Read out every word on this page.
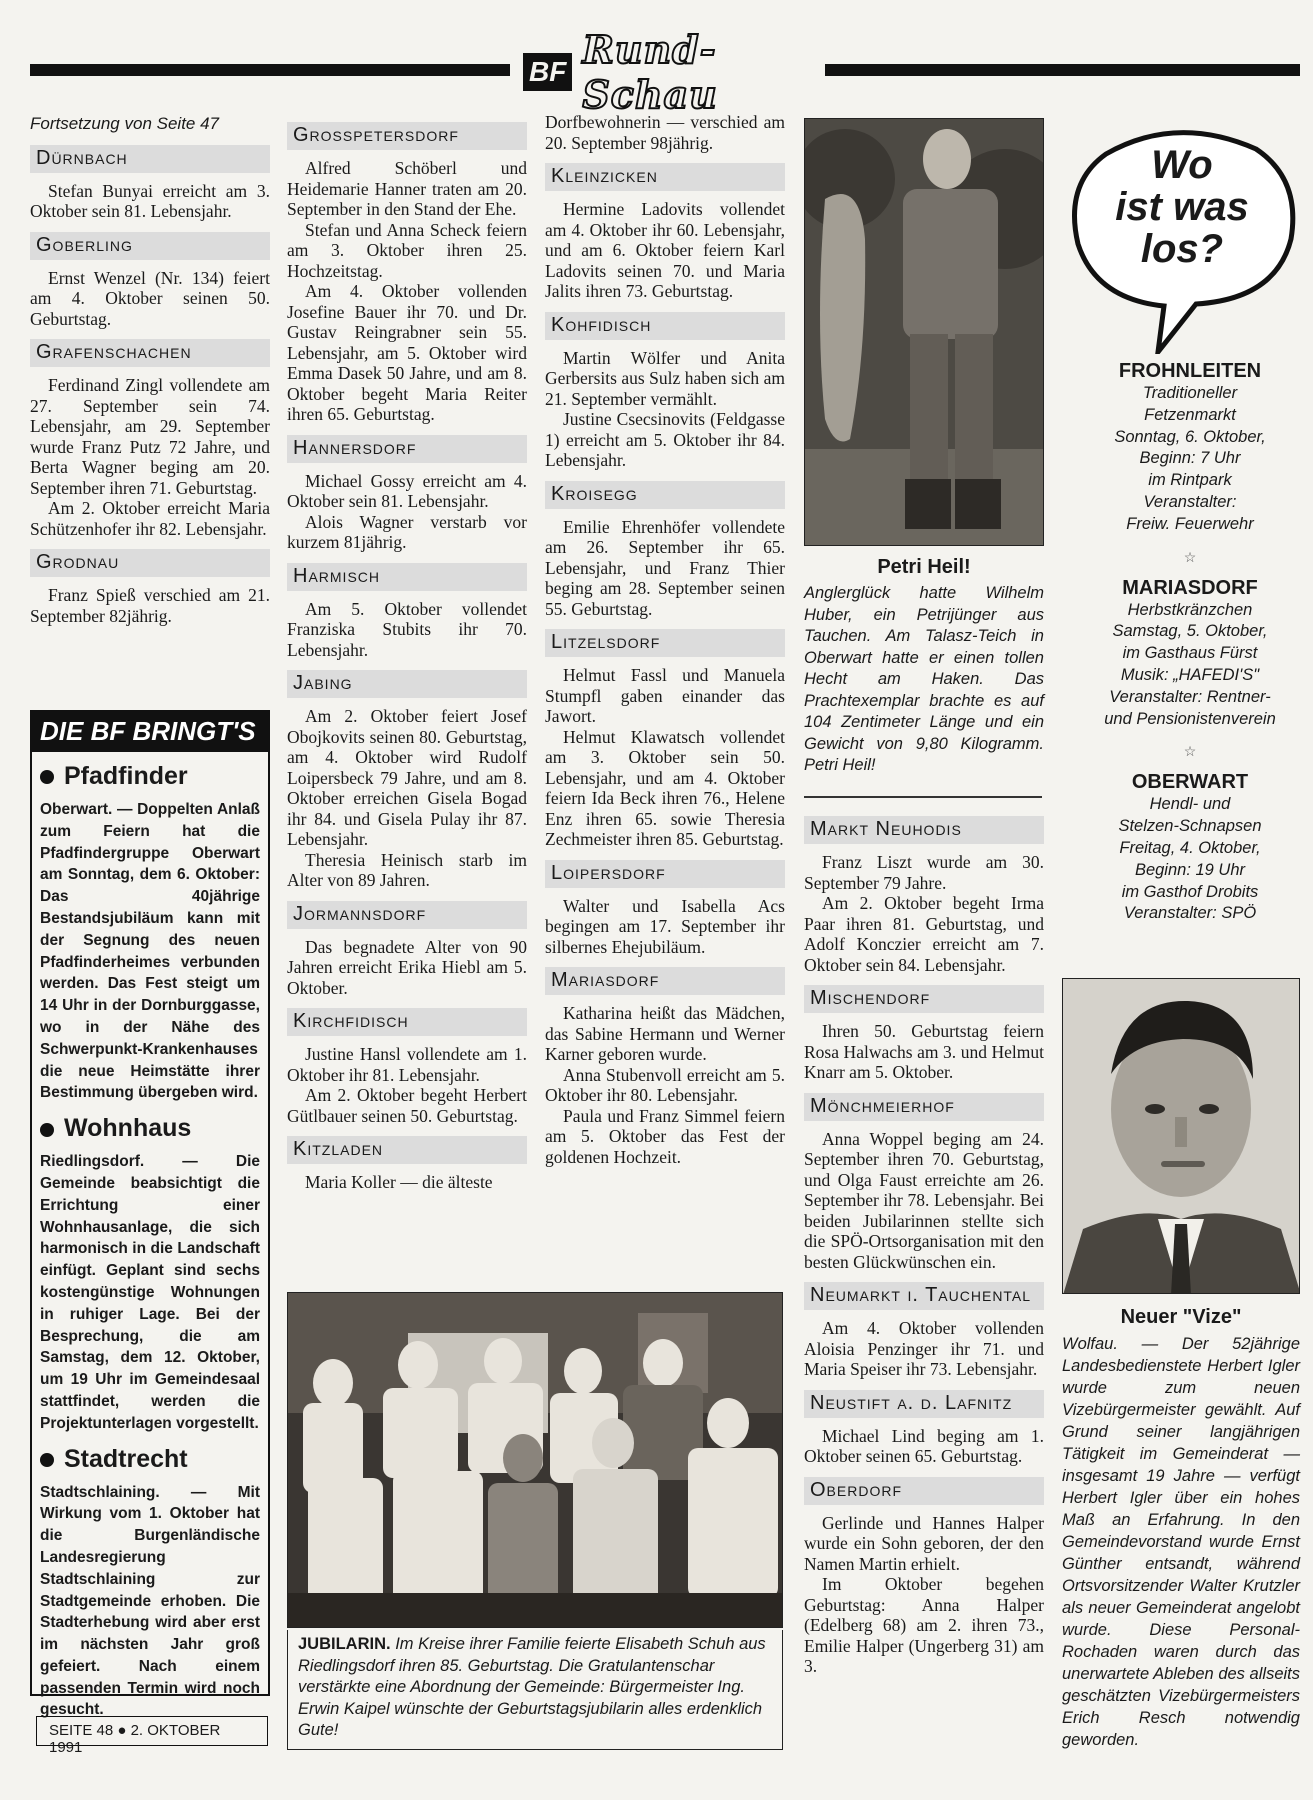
BF Rund-Schau
Fortsetzung von Seite 47
Dürnbach

Stefan Bunyai erreicht am 3. Oktober sein 81. Lebensjahr.

Goberling

Ernst Wenzel (Nr. 134) feiert am 4. Oktober seinen 50. Geburtstag.

Grafenschachen

Ferdinand Zingl vollendete am 27. September sein 74. Lebensjahr, am 29. September wurde Franz Putz 72 Jahre, und Berta Wagner beging am 20. September ihren 71. Geburtstag.

Am 2. Oktober erreicht Maria Schützenhofer ihr 82. Lebensjahr.

Grodnau

Franz Spieß verschied am 21. September 82jährig.

DIE BF BRINGT'S
Pfadfinder

Oberwart. — Doppelten Anlaß zum Feiern hat die Pfadfindergruppe Oberwart am Sonntag, dem 6. Oktober: Das 40jährige Bestandsjubiläum kann mit der Segnung des neuen Pfadfinderheimes verbunden werden. Das Fest steigt um 14 Uhr in der Dornburggasse, wo in der Nähe des Schwerpunkt-Krankenhauses die neue Heimstätte ihrer Bestimmung übergeben wird.

Wohnhaus

Riedlingsdorf. — Die Gemeinde beabsichtigt die Errichtung einer Wohnhausanlage, die sich harmonisch in die Landschaft einfügt. Geplant sind sechs kostengünstige Wohnungen in ruhiger Lage. Bei der Besprechung, die am Samstag, dem 12. Oktober, um 19 Uhr im Gemeindesaal stattfindet, werden die Projektunterlagen vorgestellt.

Stadtrecht

Stadtschlaining. — Mit Wirkung vom 1. Oktober hat die Burgenländische Landesregierung Stadtschlaining zur Stadtgemeinde erhoben. Die Stadterhebung wird aber erst im nächsten Jahr groß gefeiert. Nach einem passenden Termin wird noch gesucht.

SEITE 48 ● 2. OKTOBER 1991
Grosspetersdorf

Alfred Schöberl und Heidemarie Hanner traten am 20. September in den Stand der Ehe.

Stefan und Anna Scheck feiern am 3. Oktober ihren 25. Hochzeitstag.

Am 4. Oktober vollenden Josefine Bauer ihr 70. und Dr. Gustav Reingrabner sein 55. Lebensjahr, am 5. Oktober wird Emma Dasek 50 Jahre, und am 8. Oktober begeht Maria Reiter ihren 65. Geburtstag.

Hannersdorf

Michael Gossy erreicht am 4. Oktober sein 81. Lebensjahr.

Alois Wagner verstarb vor kurzem 81jährig.

Harmisch

Am 5. Oktober vollendet Franziska Stubits ihr 70. Lebensjahr.

Jabing

Am 2. Oktober feiert Josef Obojkovits seinen 80. Geburtstag, am 4. Oktober wird Rudolf Loipersbeck 79 Jahre, und am 8. Oktober erreichen Gisela Bogad ihr 84. und Gisela Pulay ihr 87. Lebensjahr.

Theresia Heinisch starb im Alter von 89 Jahren.

Jormannsdorf

Das begnadete Alter von 90 Jahren erreicht Erika Hiebl am 5. Oktober.

Kirchfidisch

Justine Hansl vollendete am 1. Oktober ihr 81. Lebensjahr.

Am 2. Oktober begeht Herbert Gütlbauer seinen 50. Geburtstag.

Kitzladen

Maria Koller — die älteste

Dorfbewohnerin — verschied am 20. September 98jährig.

Kleinzicken

Hermine Ladovits vollendet am 4. Oktober ihr 60. Lebensjahr, und am 6. Oktober feiern Karl Ladovits seinen 70. und Maria Jalits ihren 73. Geburtstag.

Kohfidisch

Martin Wölfer und Anita Gerbersits aus Sulz haben sich am 21. September vermählt.

Justine Csecsinovits (Feldgasse 1) erreicht am 5. Oktober ihr 84. Lebensjahr.

Kroisegg

Emilie Ehrenhöfer vollendete am 26. September ihr 65. Lebensjahr, und Franz Thier beging am 28. September seinen 55. Geburtstag.

Litzelsdorf

Helmut Fassl und Manuela Stumpfl gaben einander das Jawort.

Helmut Klawatsch vollendet am 3. Oktober sein 50. Lebensjahr, und am 4. Oktober feiern Ida Beck ihren 76., Helene Enz ihren 65. sowie Theresia Zechmeister ihren 85. Geburtstag.

Loipersdorf

Walter und Isabella Acs begingen am 17. September ihr silbernes Ehejubiläum.

Mariasdorf

Katharina heißt das Mädchen, das Sabine Hermann und Werner Karner geboren wurde.

Anna Stubenvoll erreicht am 5. Oktober ihr 80. Lebensjahr.

Paula und Franz Simmel feiern am 5. Oktober das Fest der goldenen Hochzeit.

JUBILARIN. Im Kreise ihrer Familie feierte Elisabeth Schuh aus Riedlingsdorf ihren 85. Geburtstag. Die Gratulantenschar verstärkte eine Abordnung der Gemeinde: Bürgermeister Ing. Erwin Kaipel wünschte der Geburtstagsjubilarin alles erdenklich Gute!
Petri Heil!
Anglerglück hatte Wilhelm Huber, ein Petrijünger aus Tauchen. Am Talasz-Teich in Oberwart hatte er einen tollen Hecht am Haken. Das Prachtexemplar brachte es auf 104 Zentimeter Länge und ein Gewicht von 9,80 Kilogramm. Petri Heil!
Markt Neuhodis

Franz Liszt wurde am 30. September 79 Jahre.

Am 2. Oktober begeht Irma Paar ihren 81. Geburtstag, und Adolf Konczier erreicht am 7. Oktober sein 84. Lebensjahr.

Mischendorf

Ihren 50. Geburtstag feiern Rosa Halwachs am 3. und Helmut Knarr am 5. Oktober.

Mönchmeierhof

Anna Woppel beging am 24. September ihren 70. Geburtstag, und Olga Faust erreichte am 26. September ihr 78. Lebensjahr. Bei beiden Jubilarinnen stellte sich die SPÖ-Ortsorganisation mit den besten Glückwünschen ein.

Neumarkt i. Tauchental

Am 4. Oktober vollenden Aloisia Penzinger ihr 71. und Maria Speiser ihr 73. Lebensjahr.

Neustift a. d. Lafnitz

Michael Lind beging am 1. Oktober seinen 65. Geburtstag.

Oberdorf

Gerlinde und Hannes Halper wurde ein Sohn geboren, der den Namen Martin erhielt.

Im Oktober begehen Geburtstag: Anna Halper (Edelberg 68) am 2. ihren 73., Emilie Halper (Ungerberg 31) am 3.

Wo
ist was
los?
FROHNLEITEN
Traditioneller
Fetzenmarkt
Sonntag, 6. Oktober,
Beginn: 7 Uhr
im Rintpark
Veranstalter:
Freiw. Feuerwehr
☆
MARIASDORF
Herbstkränzchen
Samstag, 5. Oktober,
im Gasthaus Fürst
Musik: „HAFEDI'S"
Veranstalter: Rentner-
und Pensionistenverein
☆
OBERWART
Hendl- und
Stelzen-Schnapsen
Freitag, 4. Oktober,
Beginn: 19 Uhr
im Gasthof Drobits
Veranstalter: SPÖ
Neuer "Vize"
Wolfau. — Der 52jährige Landesbedienstete Herbert Igler wurde zum neuen Vizebürgermeister gewählt. Auf Grund seiner langjährigen Tätigkeit im Gemeinderat — insgesamt 19 Jahre — verfügt Herbert Igler über ein hohes Maß an Erfahrung. In den Gemeindevorstand wurde Ernst Günther entsandt, während Ortsvorsitzender Walter Krutzler als neuer Gemeinderat angelobt wurde. Diese Personal-Rochaden waren durch das unerwartete Ableben des allseits geschätzten Vizebürgermeisters Erich Resch notwendig geworden.
